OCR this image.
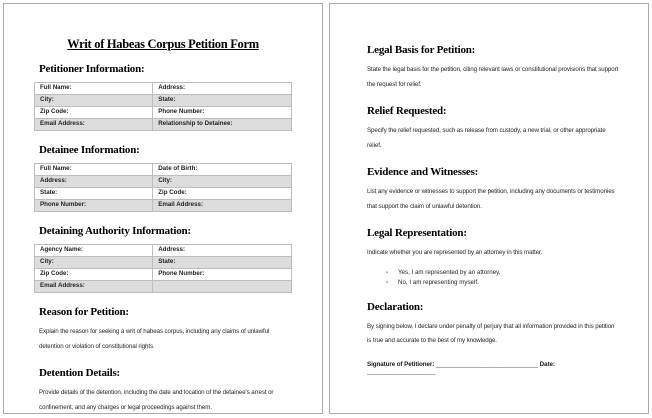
Writ of Habeas Corpus Petition Form
Petitioner Information:
Full Name:	Address:
City:	State:
Zip Code:	Phone Number:
Email Address:	Relationship to Detainee:
Detainee Information:
Full Name:	Date of Birth:
Address:	City:
State:	Zip Code:
Phone Number:	Email Address:
Detaining Authority Information:
Agency Name:	Address:
City:	State:
Zip Code:	Phone Number:
Email Address:	
Reason for Petition:

Explain the reason for seeking a writ of habeas corpus, including any claims of unlawful detention or violation of constitutional rights.

Detention Details:

Provide details of the detention, including the date and location of the detainee's arrest or confinement, and any charges or legal proceedings against them.

Legal Basis for Petition:

State the legal basis for the petition, citing relevant laws or constitutional provisions that support the request for relief.

Relief Requested:

Specify the relief requested, such as release from custody, a new trial, or other appropriate relief.

Evidence and Witnesses:

List any evidence or witnesses to support the petition, including any documents or testimonies that support the claim of unlawful detention.

Legal Representation:

Indicate whether you are represented by an attorney in this matter.

-	Yes, I am represented by an attorney.
-	No, I am representing myself.
Declaration:

By signing below, I declare under penalty of perjury that all information provided in this petition is true and accurate to the best of my knowledge.

Signature of Petitioner: ______________________________ Date: ____________________
